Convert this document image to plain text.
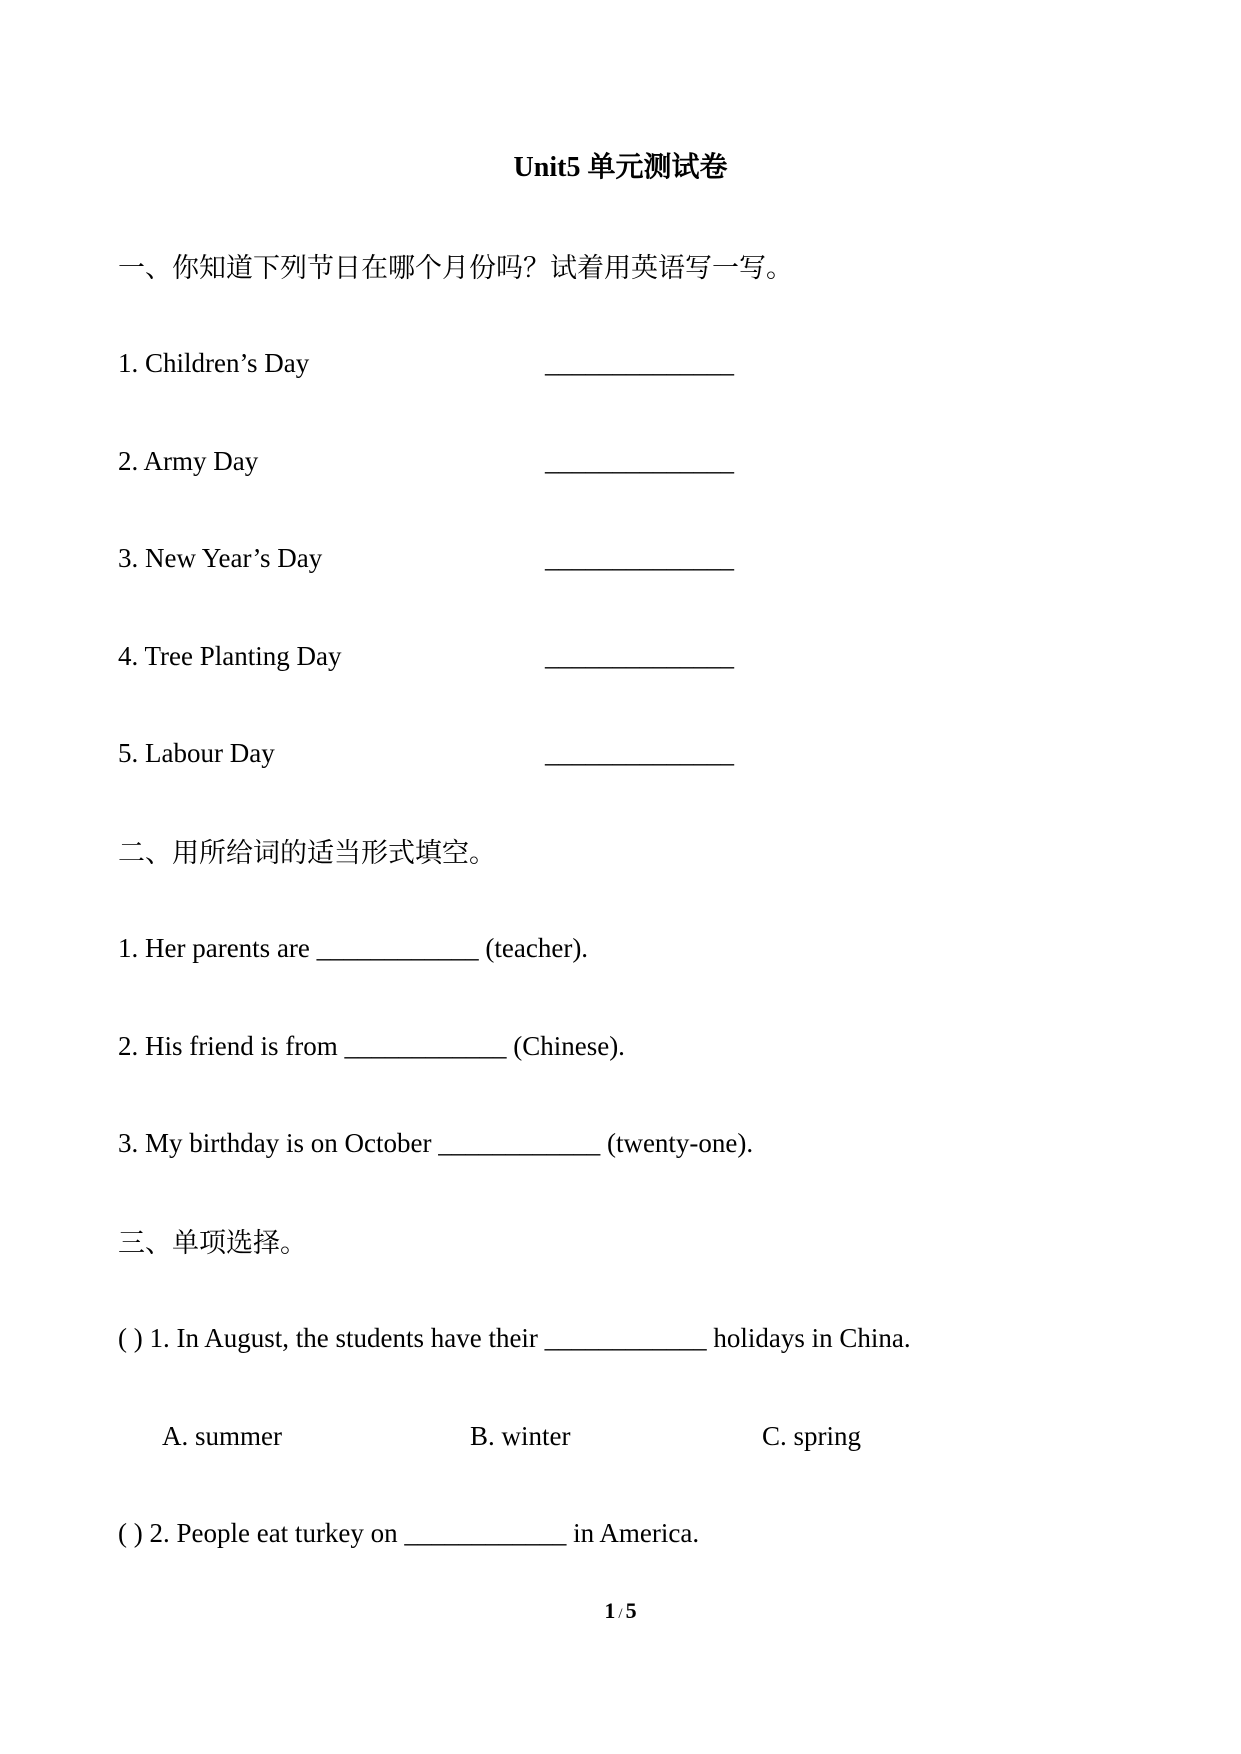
Unit5 单元测试卷
一、你知道下列节日在哪个月份吗？试着用英语写一写。
1. Children’s Day	______________
2. Army Day	______________
3. New Year’s Day	______________
4. Tree Planting Day	______________
5. Labour Day	______________
二、用所给词的适当形式填空。
1. Her parents are ____________ (teacher).
2. His friend is from ____________ (Chinese).
3. My birthday is on October ____________ (twenty-one).
三、单项选择。
( ) 1. In August, the students have their ____________ holidays in China.
A. summer	B. winter	C. spring
( ) 2. People eat turkey on ____________ in America.
1 / 5
